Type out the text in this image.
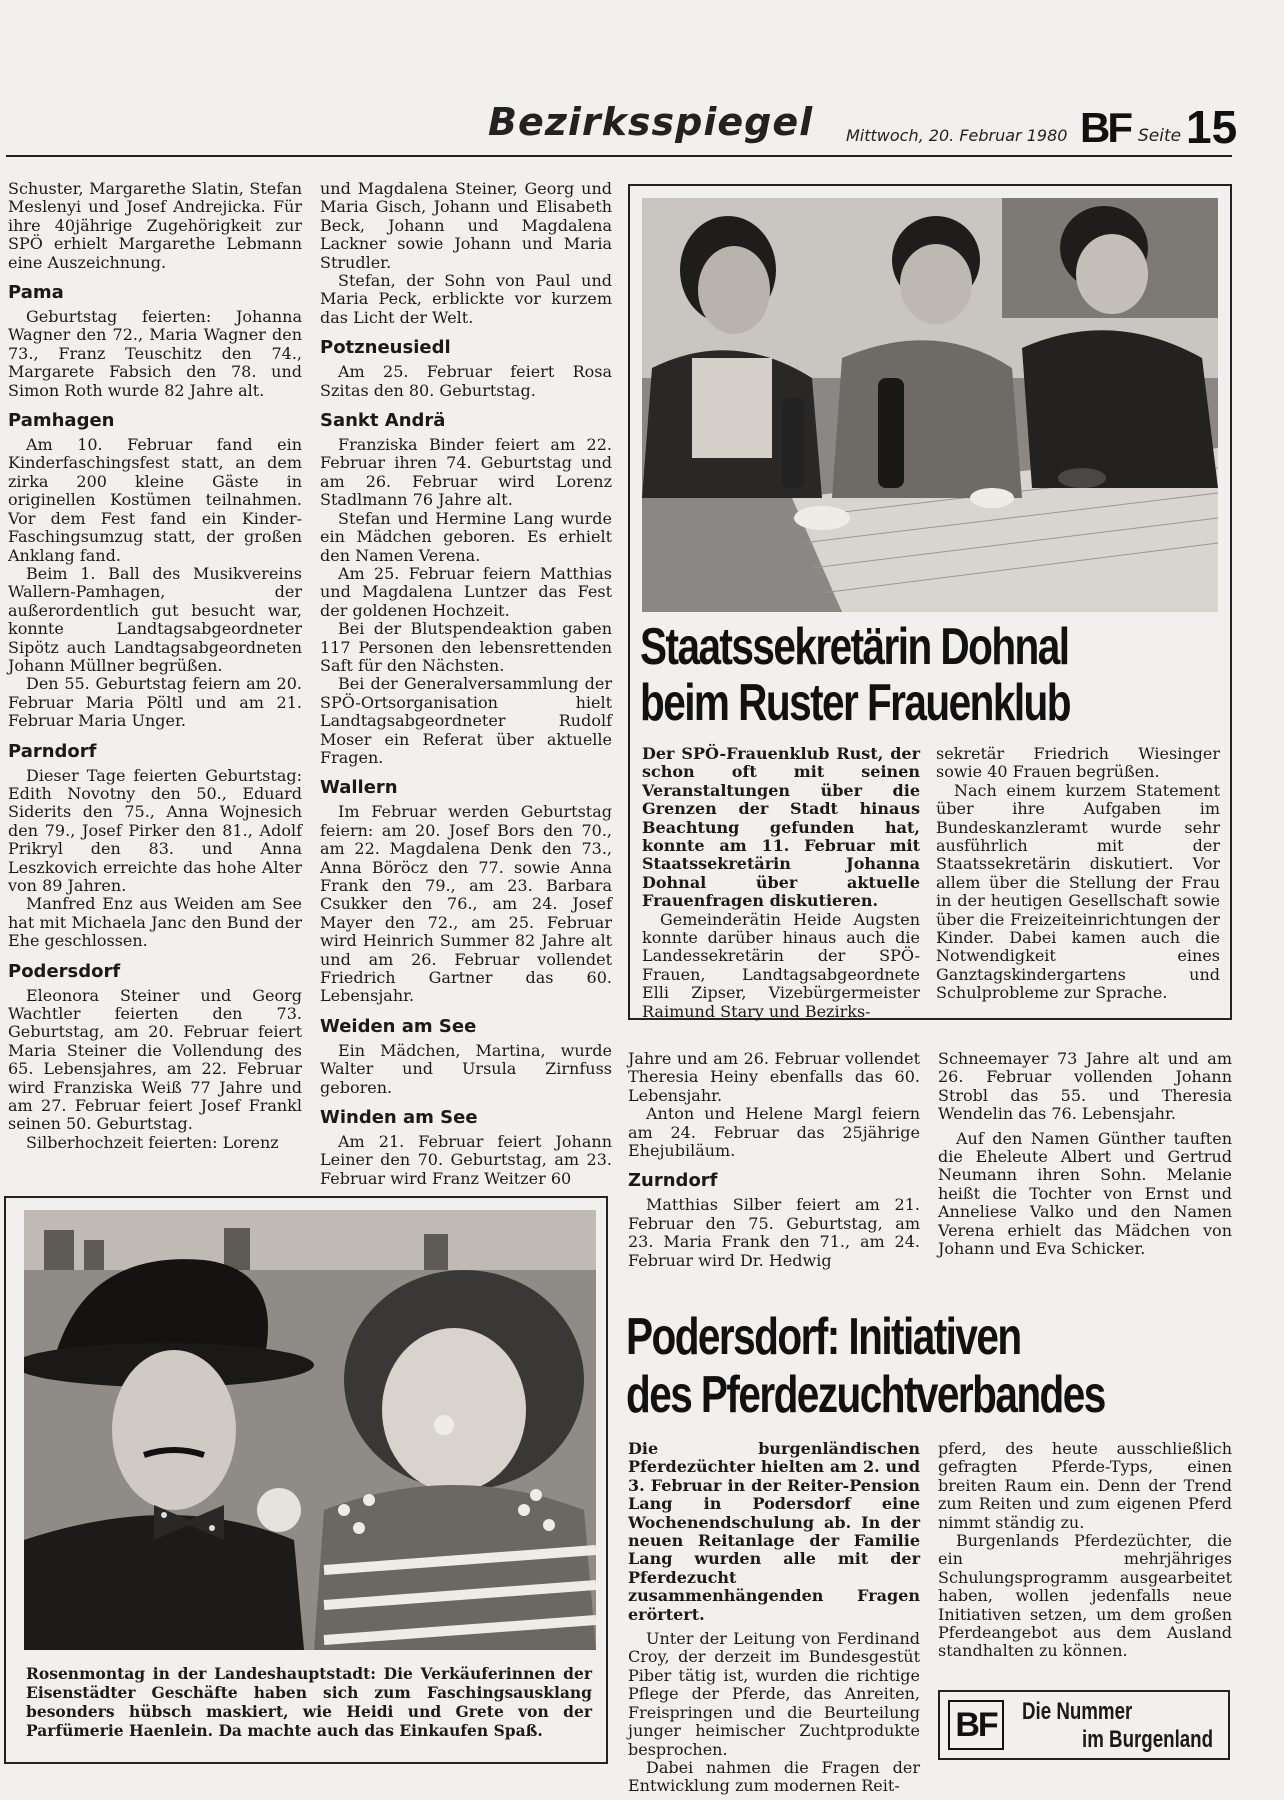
Bezirksspiegel Mittwoch, 20. Februar 1980 BF Seite 15

Schuster, Margarethe Slatin, Stefan Meslenyi und Josef Andrejicka. Für ihre 40jährige Zugehörigkeit zur SPÖ erhielt Margarethe Lebmann eine Auszeichnung.

Pama

Geburtstag feierten: Johanna Wagner den 72., Maria Wagner den 73., Franz Teuschitz den 74., Margarete Fabsich den 78. und Simon Roth wurde 82 Jahre alt.

Pamhagen

Am 10. Februar fand ein Kinderfaschingsfest statt, an dem zirka 200 kleine Gäste in originellen Kostümen teilnahmen. Vor dem Fest fand ein Kinder-Faschingsumzug statt, der großen Anklang fand.

Beim 1. Ball des Musikvereins Wallern-Pamhagen, der außerordentlich gut besucht war, konnte Landtagsabgeordneter Sipötz auch Landtagsabgeordneten Johann Müllner begrüßen.

Den 55. Geburtstag feiern am 20. Februar Maria Pöltl und am 21. Februar Maria Unger.

Parndorf

Dieser Tage feierten Geburtstag: Edith Novotny den 50., Eduard Siderits den 75., Anna Wojnesich den 79., Josef Pirker den 81., Adolf Prikryl den 83. und Anna Leszkovich erreichte das hohe Alter von 89 Jahren.

Manfred Enz aus Weiden am See hat mit Michaela Janc den Bund der Ehe geschlossen.

Podersdorf

Eleonora Steiner und Georg Wachtler feierten den 73. Geburtstag, am 20. Februar feiert Maria Steiner die Vollendung des 65. Lebensjahres, am 22. Februar wird Franziska Weiß 77 Jahre und am 27. Februar feiert Josef Frankl seinen 50. Geburtstag.

Silberhochzeit feierten: Lorenz

und Magdalena Steiner, Georg und Maria Gisch, Johann und Elisabeth Beck, Johann und Magdalena Lackner sowie Johann und Maria Strudler.

Stefan, der Sohn von Paul und Maria Peck, erblickte vor kurzem das Licht der Welt.

Potzneusiedl

Am 25. Februar feiert Rosa Szitas den 80. Geburtstag.

Sankt Andrä

Franziska Binder feiert am 22. Februar ihren 74. Geburtstag und am 26. Februar wird Lorenz Stadlmann 76 Jahre alt.

Stefan und Hermine Lang wurde ein Mädchen geboren. Es erhielt den Namen Verena.

Am 25. Februar feiern Matthias und Magdalena Luntzer das Fest der goldenen Hochzeit.

Bei der Blutspendeaktion gaben 117 Personen den lebensrettenden Saft für den Nächsten.

Bei der Generalversammlung der SPÖ-Ortsorganisation hielt Landtagsabgeordneter Rudolf Moser ein Referat über aktuelle Fragen.

Wallern

Im Februar werden Geburtstag feiern: am 20. Josef Bors den 70., am 22. Magdalena Denk den 73., Anna Böröcz den 77. sowie Anna Frank den 79., am 23. Barbara Csukker den 76., am 24. Josef Mayer den 72., am 25. Februar wird Heinrich Summer 82 Jahre alt und am 26. Februar vollendet Friedrich Gartner das 60. Lebensjahr.

Weiden am See

Ein Mädchen, Martina, wurde Walter und Ursula Zirnfuss geboren.

Winden am See

Am 21. Februar feiert Johann Leiner den 70. Geburtstag, am 23. Februar wird Franz Weitzer 60

Staatssekretärin Dohnal
beim Ruster Frauenklub

Der SPÖ-Frauenklub Rust, der schon oft mit seinen Veranstaltungen über die Grenzen der Stadt hinaus Beachtung gefunden hat, konnte am 11. Februar mit Staatssekretärin Johanna Dohnal über aktuelle Frauenfragen diskutieren.

Gemeinderätin Heide Augsten konnte darüber hinaus auch die Landessekretärin der SPÖ-Frauen, Landtagsabgeordnete Elli Zipser, Vizebürgermeister Raimund Stary und Bezirks-

sekretär Friedrich Wiesinger sowie 40 Frauen begrüßen.

Nach einem kurzem Statement über ihre Aufgaben im Bundeskanzleramt wurde sehr ausführlich mit der Staatssekretärin diskutiert. Vor allem über die Stellung der Frau in der heutigen Gesellschaft sowie über die Freizeiteinrichtungen der Kinder. Dabei kamen auch die Notwendigkeit eines Ganztagskindergartens und Schulprobleme zur Sprache.

Jahre und am 26. Februar vollendet Theresia Heiny ebenfalls das 60. Lebensjahr.

Anton und Helene Margl feiern am 24. Februar das 25jährige Ehejubiläum.

Zurndorf

Matthias Silber feiert am 21. Februar den 75. Geburtstag, am 23. Maria Frank den 71., am 24. Februar wird Dr. Hedwig

Schneemayer 73 Jahre alt und am 26. Februar vollenden Johann Strobl das 55. und Theresia Wendelin das 76. Lebensjahr.

Auf den Namen Günther tauften die Eheleute Albert und Gertrud Neumann ihren Sohn. Melanie heißt die Tochter von Ernst und Anneliese Valko und den Namen Verena erhielt das Mädchen von Johann und Eva Schicker.

Rosenmontag in der Landeshauptstadt: Die Verkäuferinnen der Eisenstädter Geschäfte haben sich zum Faschingsausklang besonders hübsch maskiert, wie Heidi und Grete von der Parfümerie Haenlein. Da machte auch das Einkaufen Spaß.
Podersdorf: Initiativen
des Pferdezuchtverbandes

Die burgenländischen Pferdezüchter hielten am 2. und 3. Februar in der Reiter-Pension Lang in Podersdorf eine Wochenendschulung ab. In der neuen Reitanlage der Familie Lang wurden alle mit der Pferdezucht zusammenhängenden Fragen erörtert.

Unter der Leitung von Ferdinand Croy, der derzeit im Bundesgestüt Piber tätig ist, wurden die richtige Pflege der Pferde, das Anreiten, Freispringen und die Beurteilung junger heimischer Zuchtprodukte besprochen.

Dabei nahmen die Fragen der Entwicklung zum modernen Reit-

pferd, des heute ausschließlich gefragten Pferde-Typs, einen breiten Raum ein. Denn der Trend zum Reiten und zum eigenen Pferd nimmt ständig zu.

Burgenlands Pferdezüchter, die ein mehrjähriges Schulungsprogramm ausgearbeitet haben, wollen jedenfalls neue Initiativen setzen, um dem großen Pferdeangebot aus dem Ausland standhalten zu können.

BF	Die Nummer
im Burgenland
